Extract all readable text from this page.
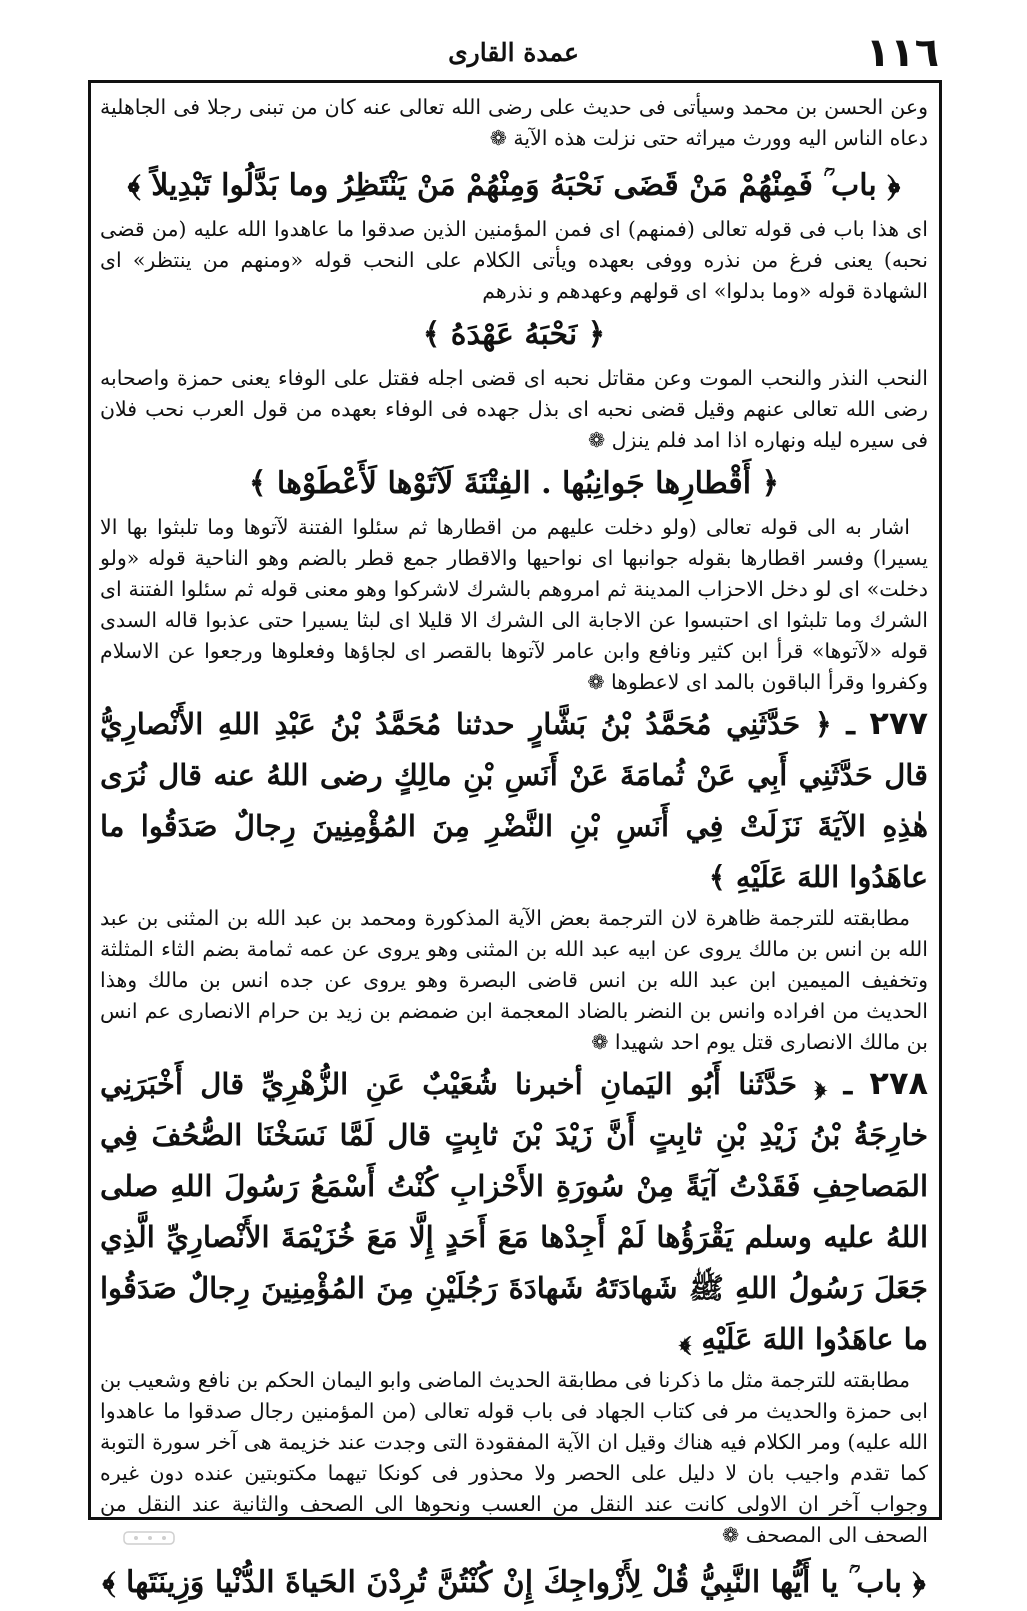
١١٦
عمدة القارى

وعن الحسن بن محمد وسيأتى فى حديث على رضى الله تعالى عنه كان من تبنى رجلا فى الجاهلية دعاه الناس اليه وورث ميراثه حتى نزلت هذه الآية ❁

﴿ باب ؒ فَمِنْهُمْ مَنْ قَضَى نَحْبَهُ وَمِنْهُمْ مَنْ يَنْتَظِرُ وما بَدَّلُوا تَبْدِيلاً ﴾

اى هذا باب فى قوله تعالى (فمنهم) اى فمن المؤمنين الذين صدقوا ما عاهدوا الله عليه (من قضى نحبه) يعنى فرغ من نذره ووفى بعهده ويأتى الكلام على النحب قوله «ومنهم من ينتظر» اى الشهادة قوله «وما بدلوا» اى قولهم وعهدهم و نذرهم

﴿ نَحْبَهُ عَهْدَهُ ﴾

النحب النذر والنحب الموت وعن مقاتل نحبه اى قضى اجله فقتل على الوفاء يعنى حمزة واصحابه رضى الله تعالى عنهم وقيل قضى نحبه اى بذل جهده فى الوفاء بعهده من قول العرب نحب فلان فى سيره ليله ونهاره اذا امد فلم ينزل ❁

﴿ أَقْطارِها جَوانِبُها . الفِتْنَةَ لَآتَوْها لَأَعْطَوْها ﴾

اشار به الى قوله تعالى (ولو دخلت عليهم من اقطارها ثم سئلوا الفتنة لآتوها وما تلبثوا بها الا يسيرا) وفسر اقطارها بقوله جوانبها اى نواحيها والاقطار جمع قطر بالضم وهو الناحية قوله «ولو دخلت» اى لو دخل الاحزاب المدينة ثم امروهم بالشرك لاشركوا وهو معنى قوله ثم سئلوا الفتنة اى الشرك وما تلبثوا اى احتبسوا عن الاجابة الى الشرك الا قليلا اى لبثا يسيرا حتى عذبوا قاله السدى قوله «لآتوها» قرأ ابن كثير ونافع وابن عامر لآتوها بالقصر اى لجاؤها وفعلوها ورجعوا عن الاسلام وكفروا وقرأ الباقون بالمد اى لاعطوها ❁

٢٧٧ ـ ﴿ حَدَّثَنِي مُحَمَّدُ بْنُ بَشَّارٍ حدثنا مُحَمَّدُ بْنُ عَبْدِ اللهِ الأَنْصارِيُّ قال حَدَّثَنِي أَبِي عَنْ ثُمامَةَ عَنْ أَنَسِ بْنِ مالِكٍ رضى اللهُ عنه قال نُرَى هٰذِهِ الآيَةَ نَزَلَتْ فِي أَنَسِ بْنِ النَّضْرِ مِنَ المُؤْمِنِينَ رِجالٌ صَدَقُوا ما عاهَدُوا اللهَ عَلَيْهِ ﴾

مطابقته للترجمة ظاهرة لان الترجمة بعض الآية المذكورة ومحمد بن عبد الله بن المثنى بن عبد الله بن انس بن مالك يروى عن ابيه عبد الله بن المثنى وهو يروى عن عمه ثمامة بضم الثاء المثلثة وتخفيف الميمين ابن عبد الله بن انس قاضى البصرة وهو يروى عن جده انس بن مالك وهذا الحديث من افراده وانس بن النضر بالضاد المعجمة ابن ضمضم بن زيد بن حرام الانصارى عم انس بن مالك الانصارى قتل يوم احد شهيدا ❁

٢٧٨ ـ ﴿ حَدَّثَنا أَبُو اليَمانِ أخبرنا شُعَيْبٌ عَنِ الزُّهْرِيِّ قال أَخْبَرَنِي خارِجَةُ بْنُ زَيْدِ بْنِ ثابِتٍ أَنَّ زَيْدَ بْنَ ثابِتٍ قال لَمَّا نَسَخْنَا الصُّحُفَ فِي المَصاحِفِ فَقَدْتُ آيَةً مِنْ سُورَةِ الأَحْزابِ كُنْتُ أَسْمَعُ رَسُولَ اللهِ صلى اللهُ عليه وسلم يَقْرَؤُها لَمْ أَجِدْها مَعَ أَحَدٍ إِلَّا مَعَ خُزَيْمَةَ الأَنْصارِيِّ الَّذِي جَعَلَ رَسُولُ اللهِ ﷺ شَهادَتَهُ شَهادَةَ رَجُلَيْنِ مِنَ المُؤْمِنِينَ رِجالٌ صَدَقُوا ما عاهَدُوا اللهَ عَلَيْهِ ﴾

مطابقته للترجمة مثل ما ذكرنا فى مطابقة الحديث الماضى وابو اليمان الحكم بن نافع وشعيب بن ابى حمزة والحديث مر فى كتاب الجهاد فى باب قوله تعالى (من المؤمنين رجال صدقوا ما عاهدوا الله عليه) ومر الكلام فيه هناك وقيل ان الآية المفقودة التى وجدت عند خزيمة هى آخر سورة التوبة كما تقدم واجيب بان لا دليل على الحصر ولا محذور فى كونكا تيهما مكتوبتين عنده دون غيره وجواب آخر ان الاولى كانت عند النقل من العسب ونحوها الى الصحف والثانية عند النقل من الصحف الى المصحف ❁

﴿ باب ؒ يا أَيُّها النَّبِيُّ قُلْ لِأَزْواجِكَ إِنْ كُنْتُنَّ تُرِدْنَ الحَياةَ الدُّنْيا وَزِينَتَها ﴾
